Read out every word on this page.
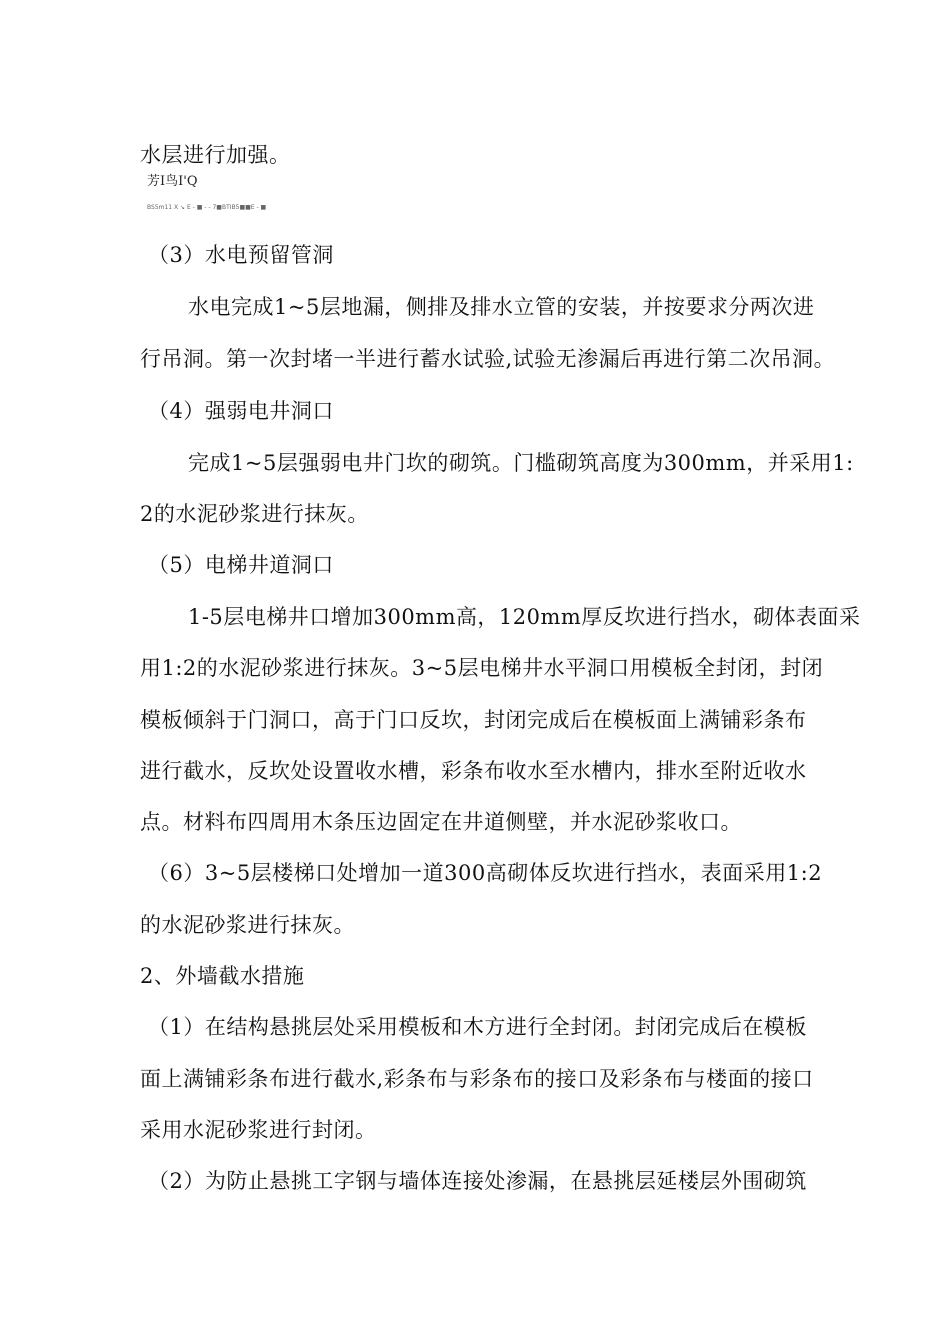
水层进行加强。
芳I鸟I'Q
BS5m11 X ↘ E - ■ - - 7■BTIB5■■E - ■
（3）水电预留管洞
水电完成1~5层地漏，侧排及排水立管的安装，并按要求分两次进
行吊洞。第一次封堵一半进行蓄水试验,试验无渗漏后再进行第二次吊洞。
（4）强弱电井洞口
完成1~5层强弱电井门坎的砌筑。门槛砌筑高度为300mm，并采用1:
2的水泥砂浆进行抹灰。
（5）电梯井道洞口
1-5层电梯井口增加300mm高，120mm厚反坎进行挡水，砌体表面采
用1:2的水泥砂浆进行抹灰。3~5层电梯井水平洞口用模板全封闭，封闭
模板倾斜于门洞口，高于门口反坎，封闭完成后在模板面上满铺彩条布
进行截水，反坎处设置收水槽，彩条布收水至水槽内，排水至附近收水
点。材料布四周用木条压边固定在井道侧壁，并水泥砂浆收口。
（6）3~5层楼梯口处增加一道300高砌体反坎进行挡水，表面采用1:2
的水泥砂浆进行抹灰。
2、外墙截水措施
（1）在结构悬挑层处采用模板和木方进行全封闭。封闭完成后在模板
面上满铺彩条布进行截水,彩条布与彩条布的接口及彩条布与楼面的接口
采用水泥砂浆进行封闭。
（2）为防止悬挑工字钢与墙体连接处渗漏，在悬挑层延楼层外围砌筑
